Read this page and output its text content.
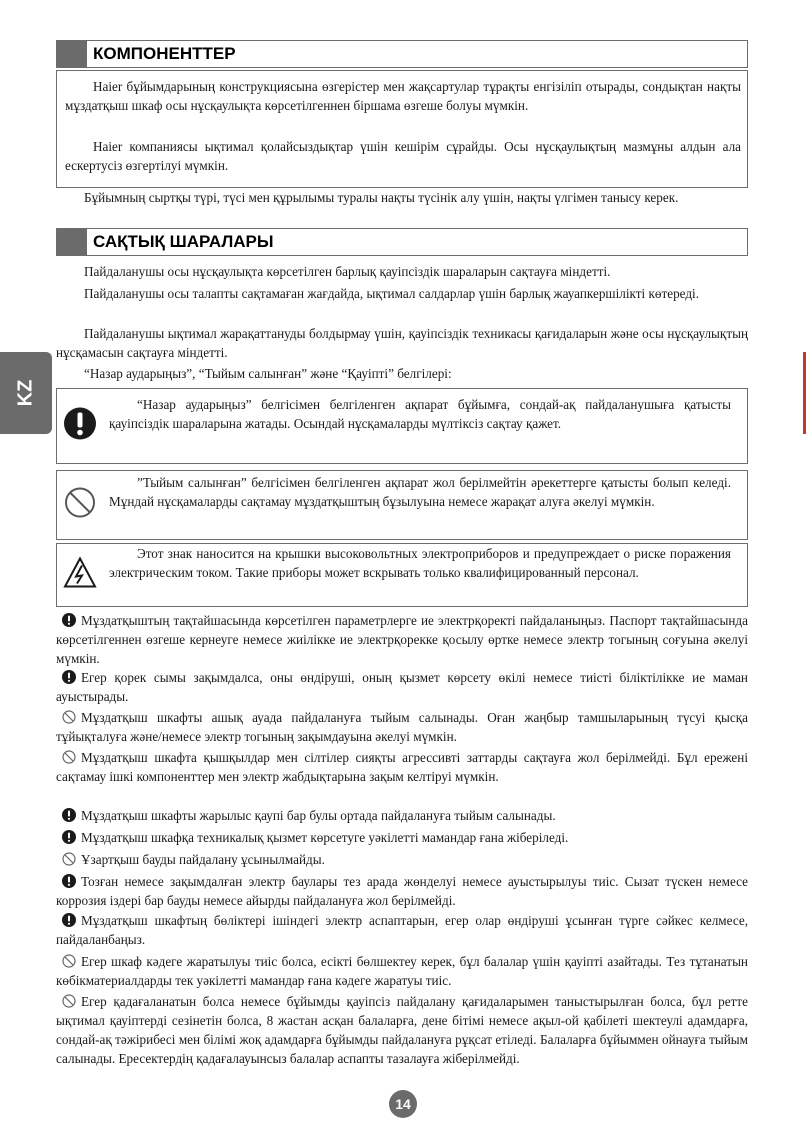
КОМПОНЕНТТЕР

Haier бұйымдарының конструкциясына өзгерістер мен жақсартулар тұрақты енгізіліп отырады, сондықтан нақты мұздатқыш шкаф осы нұсқаулықта көрсетілгеннен біршама өзгеше болуы мүмкін.

Haier компаниясы ықтимал қолайсыздықтар үшін кешірім сұрайды. Осы нұсқаулықтың мазмұны алдын ала ескертусіз өзгертілуі мүмкін.

Бұйымның сыртқы түрі, түсі мен құрылымы туралы нақты түсінік алу үшін, нақты үлгімен танысу керек.

САҚТЫҚ ШАРАЛАРЫ

Пайдаланушы осы нұсқаулықта көрсетілген барлық қауіпсіздік шараларын сақтауға міндетті.

Пайдаланушы осы талапты сақтамаған жағдайда, ықтимал салдарлар үшін барлық жауапкершілікті көтереді.

Пайдаланушы ықтимал жарақаттануды болдырмау үшін, қауіпсіздік техникасы қағидаларын және осы нұсқаулықтың нұсқамасын сақтауға міндетті.

“Назар аударыңыз”, “Тыйым салынған” және “Қауіпті” белгілері:

“Назар аударыңыз” белгісімен белгіленген ақпарат бұйымға, сондай-ақ пайдаланушыға қатысты қауіпсіздік шараларына жатады. Осындай нұсқамаларды мүлтіксіз сақтау қажет.

”Тыйым салынған” белгісімен белгіленген ақпарат жол берілмейтін әрекеттерге қатысты болып келеді. Мұндай нұсқамаларды сақтамау мұздатқыштың бұзылуына немесе жарақат алуға әкелуі мүмкін.

Этот знак наносится на крышки высоковольтных электроприборов и предупреждает о риске поражения электрическим током. Такие приборы может вскрывать только квалифицированный персонал.

Мұздатқыштың тақтайшасында көрсетілген параметрлерге ие электрқоректі пайдаланыңыз. Паспорт тақтайшасында көрсетілгеннен өзгеше кернеуге немесе жиілікке ие электрқорекке қосылу өртке немесе электр тогының соғуына әкелуі мүмкін.

Егер қорек сымы зақымдалса, оны өндіруші, оның қызмет көрсету өкілі немесе тиісті біліктілікке ие маман ауыстырады.

Мұздатқыш шкафты ашық ауада пайдалануға тыйым салынады. Оған жаңбыр тамшыларының түсуі қысқа тұйықталуға және/немесе электр тогының зақымдауына әкелуі мүмкін.

Мұздатқыш шкафта қышқылдар мен сілтілер сияқты агрессивті заттарды сақтауға жол берілмейді. Бұл ережені сақтамау ішкі компоненттер мен электр жабдықтарына зақым келтіруі мүмкін.

Мұздатқыш шкафты жарылыс қаупі бар булы ортада пайдалануға тыйым салынады.

Мұздатқыш шкафқа техникалық қызмет көрсетуге уәкілетті мамандар ғана жіберіледі.

Ұзартқыш бауды пайдалану ұсынылмайды.

Тозған немесе зақымдалған электр баулары тез арада жөнделуі немесе ауыстырылуы тиіс. Сызат түскен немесе коррозия іздері бар бауды немесе айырды пайдалануға жол берілмейді.

Мұздатқыш шкафтың бөліктері ішіндегі электр аспаптарын, егер олар өндіруші ұсынған түрге сәйкес келмесе, пайдаланбаңыз.

Егер шкаф кәдеге жаратылуы тиіс болса, есікті бөлшектеу керек, бұл балалар үшін қауіпті азайтады. Тез тұтанатын көбікматериалдарды тек уәкілетті мамандар ғана кәдеге жаратуы тиіс.

Егер қадағаланатын болса немесе бұйымды қауіпсіз пайдалану қағидаларымен таныстырылған болса, бұл ретте ықтимал қауіптерді сезінетін болса, 8 жастан асқан балаларға, дене бітімі немесе ақыл-ой қабілеті шектеулі адамдарға, сондай-ақ тәжірибесі мен білімі жоқ адамдарға бұйымды пайдалануға рұқсат етіледі. Балаларға бұйыммен ойнауға тыйым салынады. Ересектердің қадағалауынсыз балалар аспапты тазалауға жіберілмейді.

KZ
14
